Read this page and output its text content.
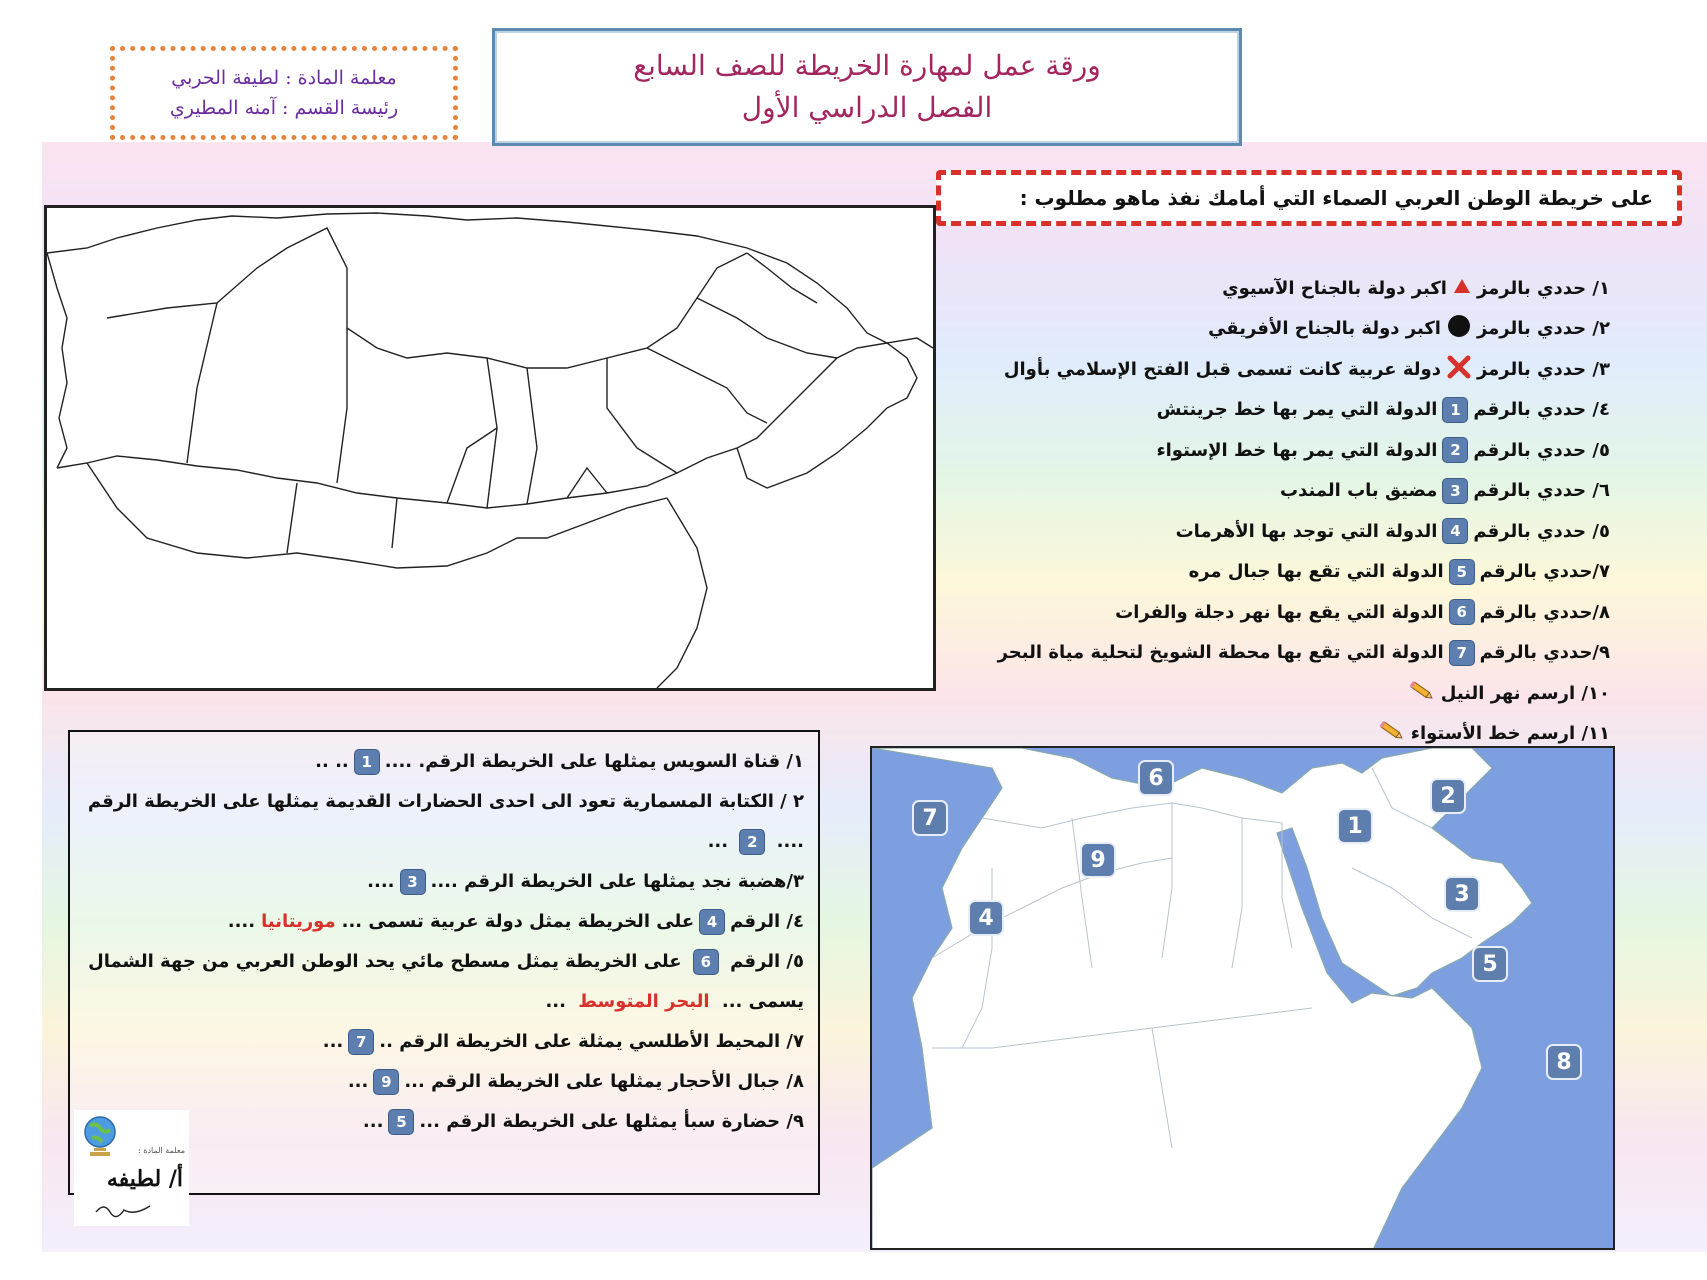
معلمة المادة : لطيفة الحربي
رئيسة القسم : آمنه المطيري
ورقة عمل لمهارة الخريطة للصف السابع
الفصل الدراسي الأول
على خريطة الوطن العربي الصماء التي أمامك نفذ ماهو مطلوب :
١/ حددي بالرمز
اكبر دولة بالجناح الآسيوي
٢/ حددي بالرمز
اكبر دولة بالجناح الأفريقي
٣/ حددي بالرمز
دولة عربية كانت تسمى قبل الفتح الإسلامي بأوال
٤/ حددي بالرقم
1
الدولة التي يمر بها خط جرينتش
٥/ حددي بالرقم
2
الدولة التي يمر بها خط الإستواء
٦/ حددي بالرقم
3
مضيق باب المندب
٥/ حددي بالرقم
4
الدولة التي توجد بها الأهرمات
٧/حددي بالرقم
5
الدولة التي تقع بها جبال مره
٨/حددي بالرقم
6
الدولة التي يقع بها نهر دجلة والفرات
٩/حددي بالرقم
7
الدولة التي تقع بها محطة الشويخ لتحلية مياة البحر
١٠/ ارسم نهر النيل
١١/ ارسم خط الأستواء
١/ قناة السويس يمثلها على الخريطة الرقم. ....
1
.. ..
٢ / الكتابة المسمارية تعود الى احدى الحضارات القديمة يمثلها على الخريطة الرقم .... 2 ...
٣/هضبة نجد يمثلها على الخريطة الرقم ....
3
....
٤/ الرقم
4
على الخريطة يمثل دولة عربية تسمى ...
موريتانيا
....
٥/ الرقم 6 على الخريطة يمثل مسطح مائي يحد الوطن العربي من جهة الشمال يسمى ... البحر المتوسط ...
٧/ المحيط الأطلسي يمثلة على الخريطة الرقم ..
7
...
٨/ جبال الأحجار يمثلها على الخريطة الرقم ...
9
...
٩/ حضارة سبأ يمثلها على الخريطة الرقم ...
5
...
معلمة المادة :
أ/ لطيفه
6
2
7	1
9
3
4
5
8
